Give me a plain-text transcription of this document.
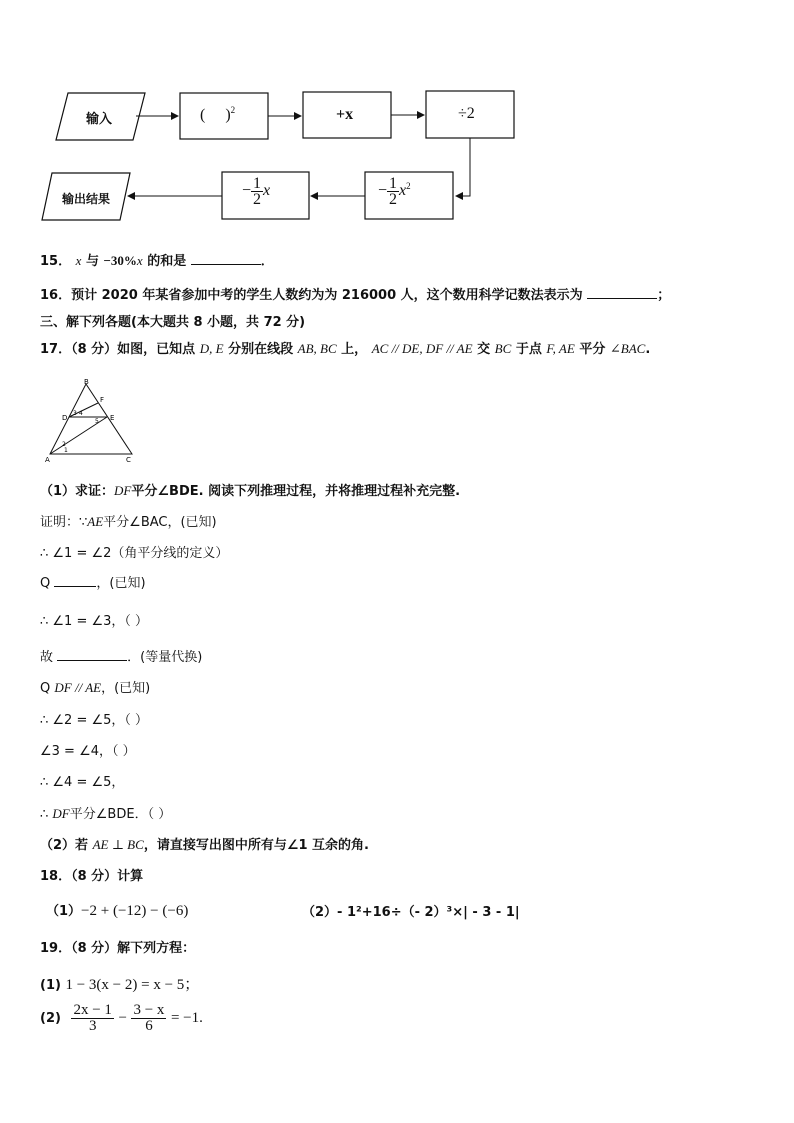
输入	(     )$^2$	+x	÷2
− $\frac{1}{2} x^2$
− $\frac{1}{2}$ x
输出结果
15． x 与 −30%x 的和是	．
16．预计 2020 年某省参加中考的学生人数约为为 216000 人，这个数用科学记数法表示为	；
三、解下列各题(本大题共 8 小题，共 72 分)
17．（8 分）如图，已知点 D, E 分别在线段 AB, BC 上， AC // DE, DF // AE 交 BC 于点 F, AE 平分 ∠BAC.
B
F
D	E
A	C
1
2
3 4
5
（1）求证：DF平分∠BDE. 阅读下列推理过程，并将推理过程补充完整.
证明：∵AE平分∠BAC，(已知)
∴ ∠1 = ∠2（角平分线的定义）
Q	，(已知)
∴ ∠1 = ∠3，（ ）
故	．(等量代换)
Q DF // AE，(已知)
∴ ∠2 = ∠5，（ ）
∠3 = ∠4，（ ）
∴ ∠4 = ∠5，
∴ DF平分∠BDE．（ ）
（2）若 AE ⊥ BC，请直接写出图中所有与∠1 互余的角.
18．（8 分）计算
（1）−2 + (−12) − (−6)	（2）- 1²+16÷（- 2）³×| - 3 - 1|
19．（8 分）解下列方程：
(1) 1 − 3(x − 2) = x − 5；
$(2) \frac{2x - 1}{3} - \frac{3 - x}{6} = -1$.
